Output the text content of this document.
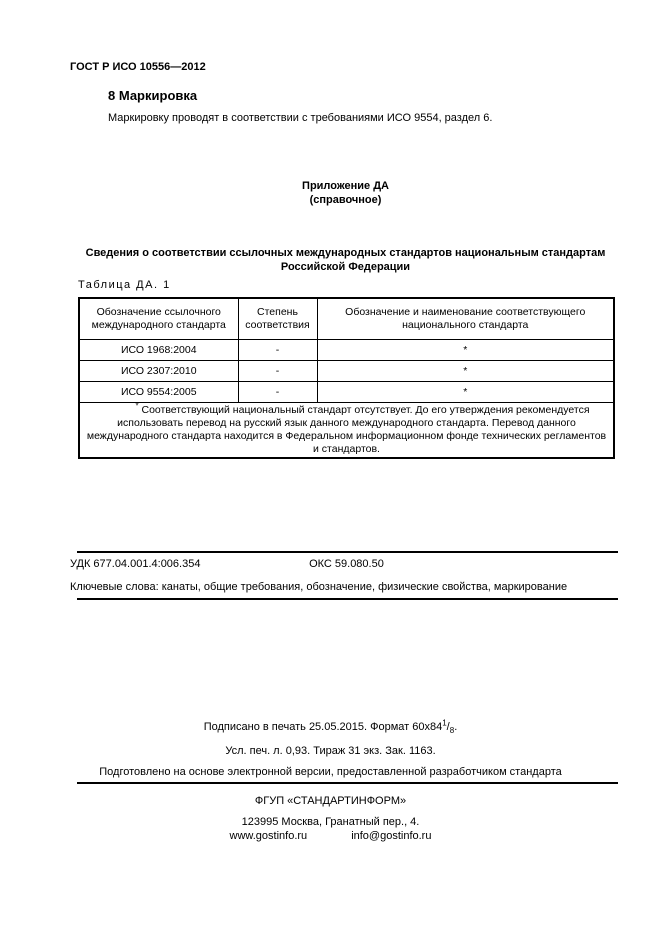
ГОСТ Р ИСО 10556—2012
8 Маркировка
Маркировку проводят в соответствии с требованиями ИСО 9554, раздел 6.
Приложение ДА
(справочное)
Сведения о соответствии ссылочных международных стандартов национальным стандартам
Российской Федерации
Таблица ДА. 1
Обозначение ссылочного международного стандарта	Степень соответствия	Обозначение и наименование соответствующего национального стандарта
ИСО 1968:2004	-	*
ИСО 2307:2010	-	*
ИСО 9554:2005	-	*
* Соответствующий национальный стандарт отсутствует. До его утверждения рекомендуется использовать перевод на русский язык данного международного стандарта. Перевод данного международного стандарта находится в Федеральном информационном фонде технических регламентов и стандартов.		
УДК 677.04.001.4:006.354	ОКС 59.080.50
Ключевые слова: канаты, общие требования, обозначение, физические свойства, маркирование
Подписано в печать 25.05.2015. Формат $60х84^1/_8$.
Усл. печ. л. 0,93. Тираж 31 экз. Зак. 1163.
Подготовлено на основе электронной версии, предоставленной разработчиком стандарта
ФГУП «СТАНДАРТИНФОРМ»
123995 Москва, Гранатный пер., 4.
www.gostinfo.ru	info@gostinfo.ru
